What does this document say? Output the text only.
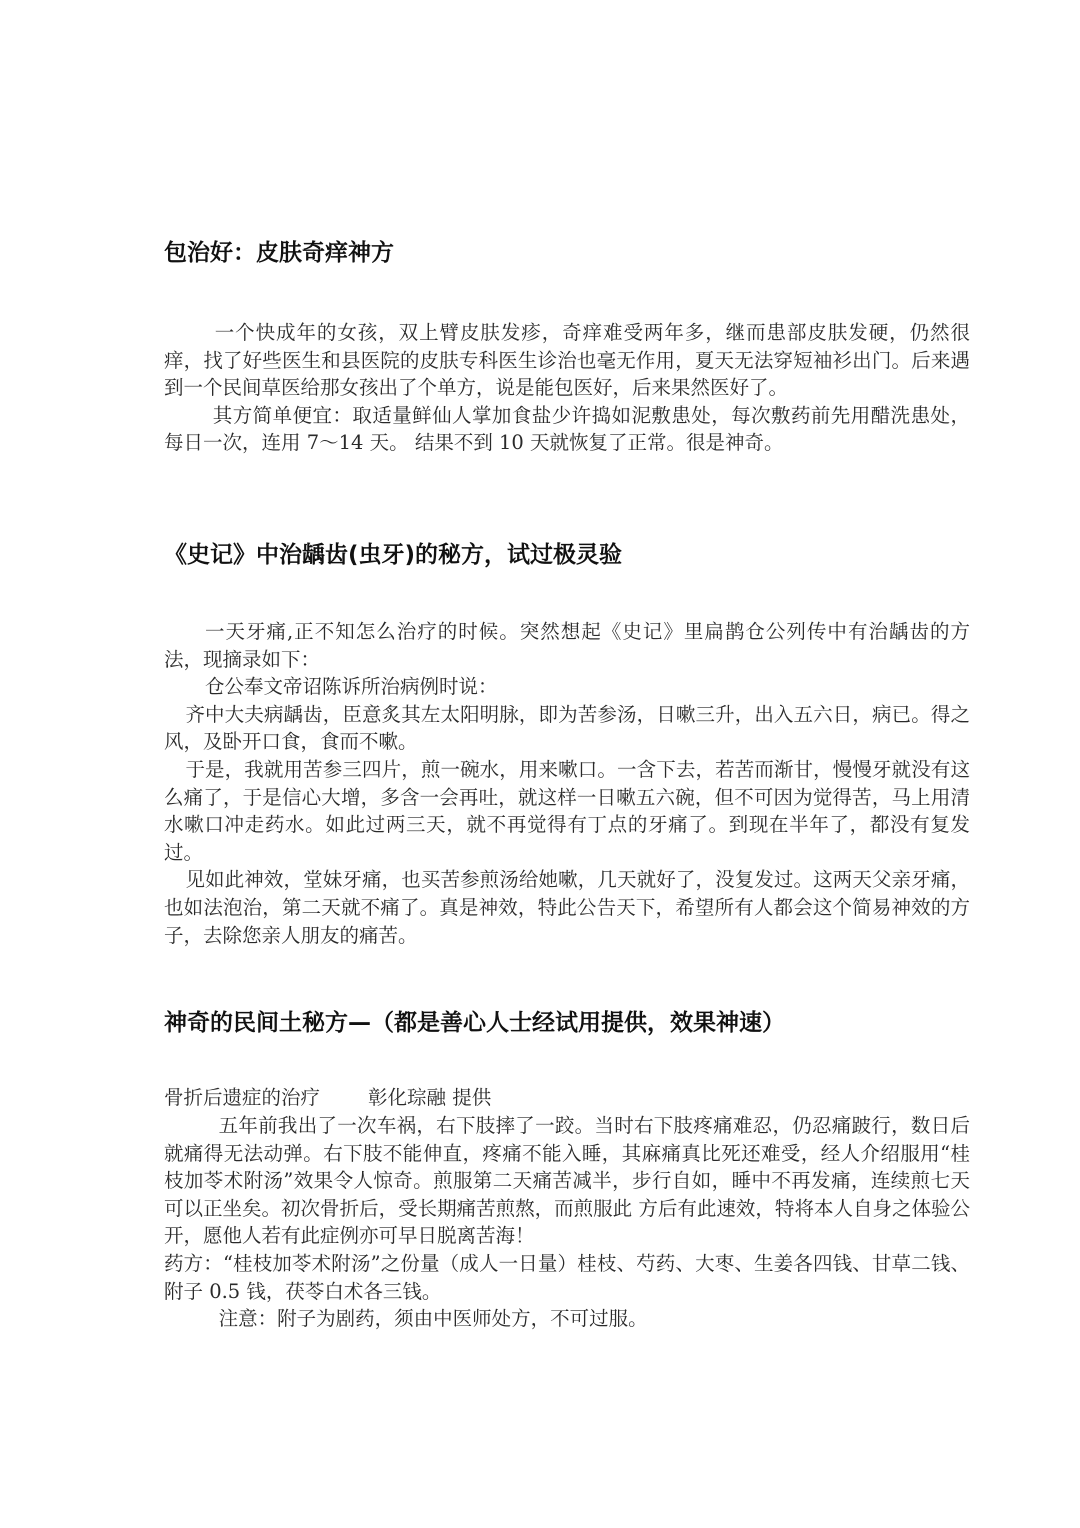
包治好：皮肤奇痒神方

一个快成年的女孩，双上臂皮肤发疹，奇痒难受两年多，继而患部皮肤发硬，仍然很痒，找了好些医生和县医院的皮肤专科医生诊治也毫无作用，夏天无法穿短袖衫出门。后来遇到一个民间草医给那女孩出了个单方，说是能包医好，后来果然医好了。

其方简单便宜：取适量鲜仙人掌加食盐少许捣如泥敷患处，每次敷药前先用醋洗患处，每日一次，连用 7～14 天。 结果不到 10 天就恢复了正常。很是神奇。

《史记》中治龋齿(虫牙)的秘方，试过极灵验

一天牙痛,正不知怎么治疗的时候。突然想起《史记》里扁鹊仓公列传中有治龋齿的方法，现摘录如下：

仓公奉文帝诏陈诉所治病例时说：

齐中大夫病龋齿，臣意炙其左太阳明脉，即为苦参汤，日嗽三升，出入五六日，病已。得之风，及卧开口食，食而不嗽。

于是，我就用苦参三四片，煎一碗水，用来嗽口。一含下去，若苦而渐甘，慢慢牙就没有这么痛了，于是信心大增，多含一会再吐，就这样一日嗽五六碗，但不可因为觉得苦，马上用清水嗽口冲走药水。如此过两三天，就不再觉得有丁点的牙痛了。到现在半年了，都没有复发过。

见如此神效，堂妹牙痛，也买苦参煎汤给她嗽，几天就好了，没复发过。这两天父亲牙痛，也如法泡治，第二天就不痛了。真是神效，特此公告天下，希望所有人都会这个简易神效的方子，去除您亲人朋友的痛苦。

神奇的民间土秘方—（都是善心人士经试用提供，效果神速）
骨折后遗症的治疗 彰化琮融 提供

五年前我出了一次车祸，右下肢摔了一跤。当时右下肢疼痛难忍，仍忍痛跛行，数日后就痛得无法动弹。右下肢不能伸直，疼痛不能入睡，其麻痛真比死还难受，经人介绍服用“桂枝加苓术附汤”效果令人惊奇。煎服第二天痛苦减半，步行自如，睡中不再发痛，连续煎七天可以正坐矣。初次骨折后，受长期痛苦煎熬，而煎服此 方后有此速效，特将本人自身之体验公开，愿他人若有此症例亦可早日脱离苦海！

药方：“桂枝加苓术附汤”之份量（成人一日量）桂枝、芍药、大枣、生姜各四钱、甘草二钱、附子 0.5 钱，茯苓白术各三钱。

注意：附子为剧药，须由中医师处方，不可过服。
